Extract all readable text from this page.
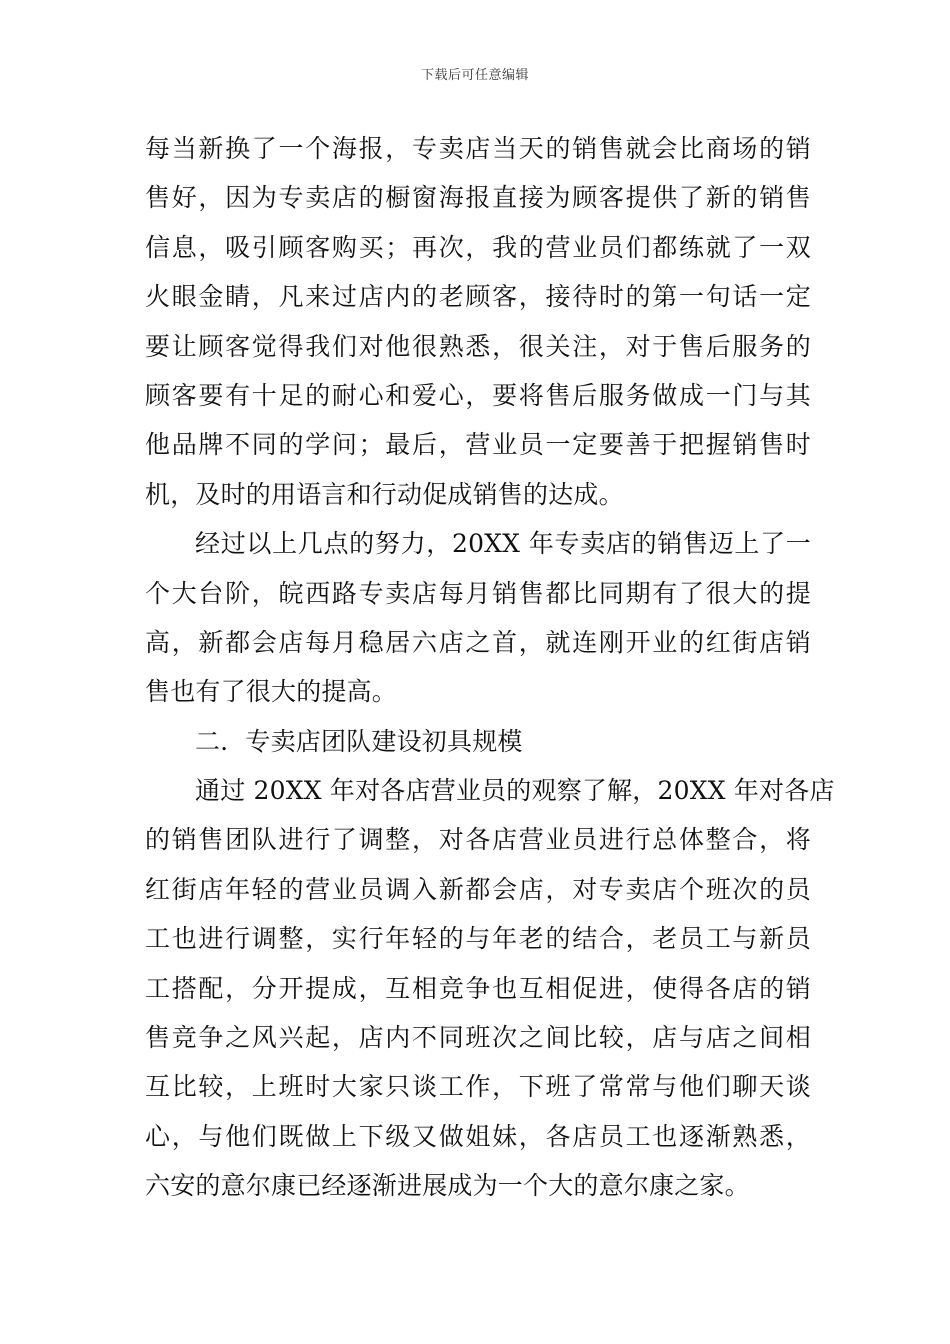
下载后可任意编辑
每当新换了一个海报，专卖店当天的销售就会比商场的销
售好，因为专卖店的橱窗海报直接为顾客提供了新的销售
信息，吸引顾客购买；再次，我的营业员们都练就了一双
火眼金睛，凡来过店内的老顾客，接待时的第一句话一定
要让顾客觉得我们对他很熟悉，很关注，对于售后服务的
顾客要有十足的耐心和爱心，要将售后服务做成一门与其
他品牌不同的学问；最后，营业员一定要善于把握销售时
机，及时的用语言和行动促成销售的达成。
经过以上几点的努力，20XX 年专卖店的销售迈上了一
个大台阶，皖西路专卖店每月销售都比同期有了很大的提
高，新都会店每月稳居六店之首，就连刚开业的红街店销
售也有了很大的提高。
二．专卖店团队建设初具规模
通过 20XX 年对各店营业员的观察了解，20XX 年对各店
的销售团队进行了调整，对各店营业员进行总体整合，将
红街店年轻的营业员调入新都会店，对专卖店个班次的员
工也进行调整，实行年轻的与年老的结合，老员工与新员
工搭配，分开提成，互相竞争也互相促进，使得各店的销
售竞争之风兴起，店内不同班次之间比较，店与店之间相
互比较，上班时大家只谈工作，下班了常常与他们聊天谈
心，与他们既做上下级又做姐妹，各店员工也逐渐熟悉，
六安的意尔康已经逐渐进展成为一个大的意尔康之家。
